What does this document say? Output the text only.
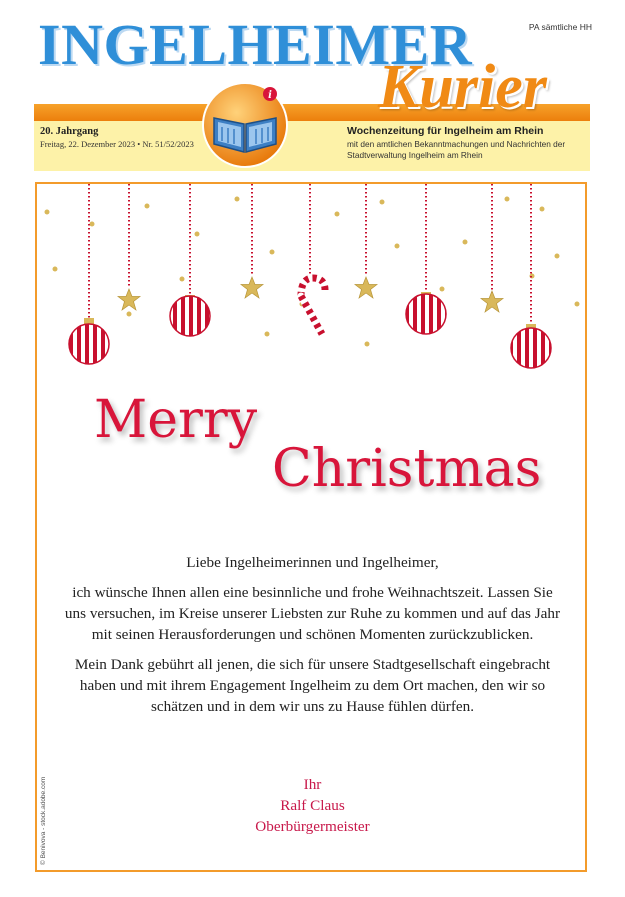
INGELHEIMER
Kurier
PA sämtliche HH
i
20. Jahrgang
Freitag, 22. Dezember 2023 • Nr. 51/52/2023
Wochenzeitung für Ingelheim am Rhein
mit den amtlichen Bekanntmachungen und Nachrichten der Stadtverwaltung Ingelheim am Rhein
Merry
Christmas

Liebe Ingelheimerinnen und Ingelheimer,

ich wünsche Ihnen allen eine besinnliche und frohe Weihnachtszeit. Lassen Sie uns versuchen, im Kreise unserer Liebsten zur Ruhe zu kommen und auf das Jahr mit seinen Herausforderungen und schönen Momenten zurückzublicken.

Mein Dank gebührt all jenen, die sich für unsere Stadtgesellschaft eingebracht haben und mit ihrem Engagement Ingelheim zu dem Ort machen, den wir so schätzen und in dem wir uns zu Hause fühlen dürfen.

Ihr
Ralf Claus
Oberbürgermeister
© Benivova - stock.adobe.com
